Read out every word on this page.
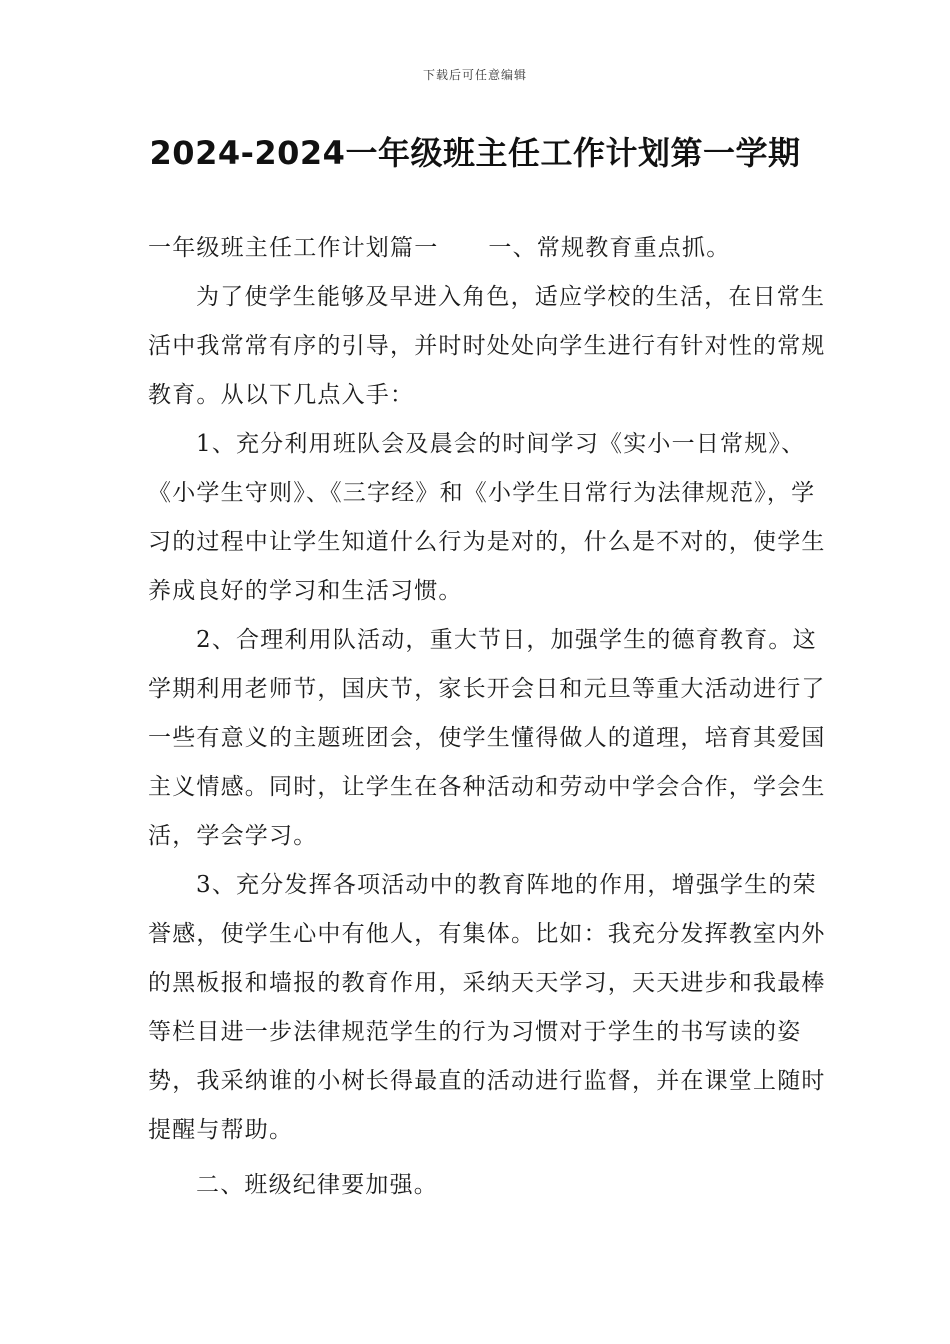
下载后可任意编辑
2024-2024一年级班主任工作计划第一学期

一年级班主任工作计划篇一 一、常规教育重点抓。

为了使学生能够及早进入角色，适应学校的生活，在日常生活中我常常有序的引导，并时时处处向学生进行有针对性的常规教育。从以下几点入手：

1、充分利用班队会及晨会的时间学习《实小一日常规》、《小学生守则》、《三字经》和《小学生日常行为法律规范》，学习的过程中让学生知道什么行为是对的，什么是不对的，使学生养成良好的学习和生活习惯。

2、合理利用队活动，重大节日，加强学生的德育教育。这学期利用老师节，国庆节，家长开会日和元旦等重大活动进行了一些有意义的主题班团会，使学生懂得做人的道理，培育其爱国主义情感。同时，让学生在各种活动和劳动中学会合作，学会生活，学会学习。

3、充分发挥各项活动中的教育阵地的作用，增强学生的荣誉感，使学生心中有他人，有集体。比如：我充分发挥教室内外的黑板报和墙报的教育作用，采纳天天学习，天天进步和我最棒等栏目进一步法律规范学生的行为习惯对于学生的书写读的姿势，我采纳谁的小树长得最直的活动进行监督，并在课堂上随时提醒与帮助。

二、班级纪律要加强。
